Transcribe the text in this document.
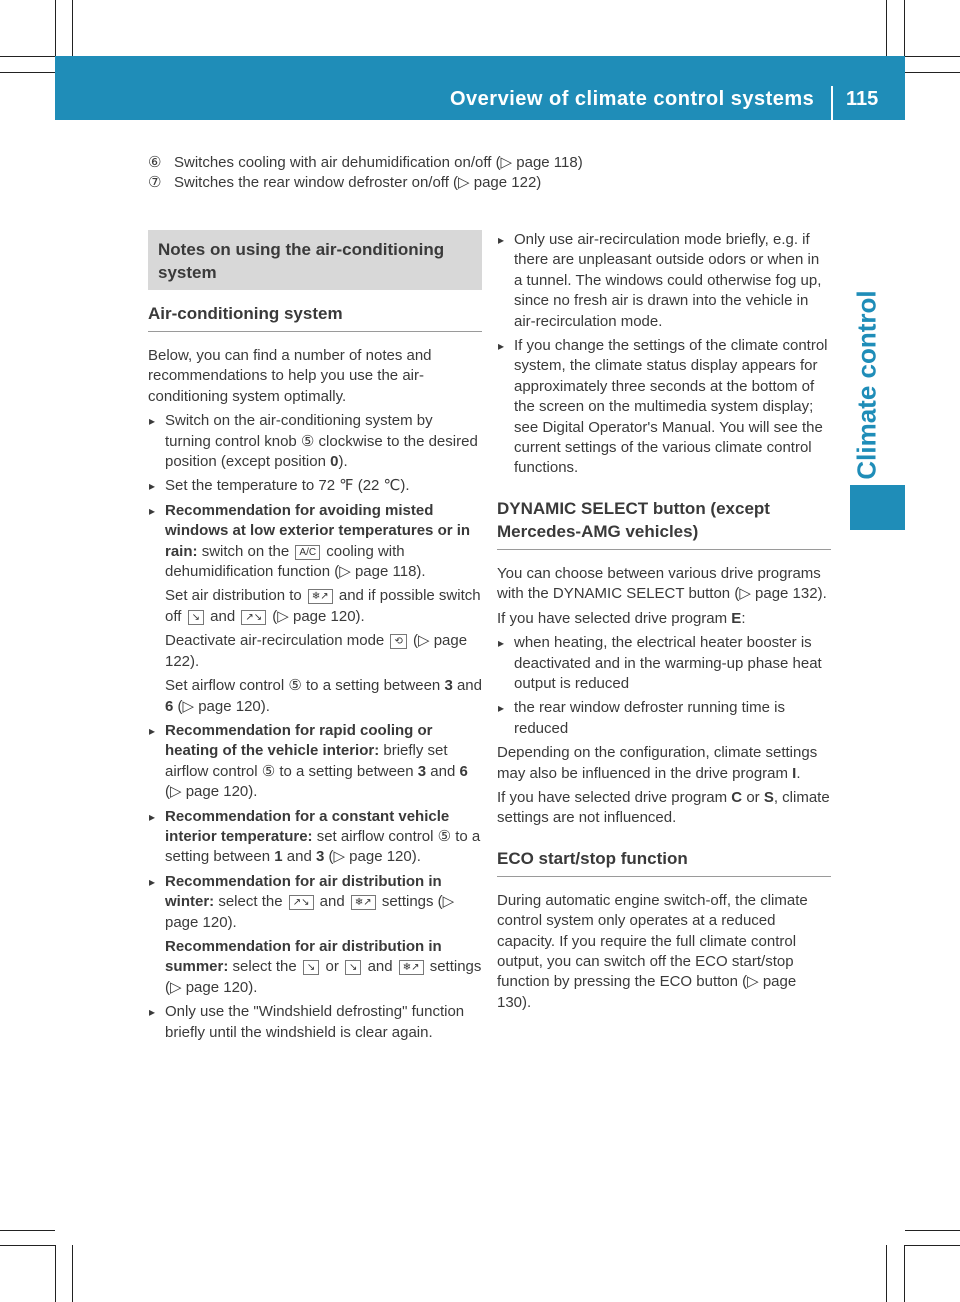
Overview of climate control systems 115
Climate control
⑥ Switches cooling with air dehumidification on/off (▷ page 118)
⑦ Switches the rear window defroster on/off (▷ page 122)
Notes on using the air-conditioning system
Air-conditioning system

Below, you can find a number of notes and recommendations to help you use the air-conditioning system optimally.

▸ Switch on the air-conditioning system by turning control knob ⑤ clockwise to the desired position (except position 0).
▸ Set the temperature to 72 ℉ (22 ℃).
▸ Recommendation for avoiding misted windows at low exterior temperatures or in rain: switch on the A/C cooling with dehumidification function (▷ page 118).
Set air distribution to ❄↗ and if possible switch off ↘ and ↗↘ (▷ page 120).
Deactivate air-recirculation mode ⟲ (▷ page 122).
Set airflow control ⑤ to a setting between 3 and 6 (▷ page 120).
▸ Recommendation for rapid cooling or heating of the vehicle interior: briefly set airflow control ⑤ to a setting between 3 and 6 (▷ page 120).
▸ Recommendation for a constant vehicle interior temperature: set airflow control ⑤ to a setting between 1 and 3 (▷ page 120).
▸ Recommendation for air distribution in winter: select the ↗↘ and ❄↗ settings (▷ page 120).
Recommendation for air distribution in summer: select the ↘ or ↘ and ❄↗ settings (▷ page 120).
▸ Only use the "Windshield defrosting" function briefly until the windshield is clear again.
▸ Only use air-recirculation mode briefly, e.g. if there are unpleasant outside odors or when in a tunnel. The windows could otherwise fog up, since no fresh air is drawn into the vehicle in air-recirculation mode.
▸ If you change the settings of the climate control system, the climate status display appears for approximately three seconds at the bottom of the screen on the multimedia system display; see Digital Operator's Manual. You will see the current settings of the various climate control functions.
DYNAMIC SELECT button (except Mercedes-AMG vehicles)

You can choose between various drive programs with the DYNAMIC SELECT button (▷ page 132).

If you have selected drive program E:

▸ when heating, the electrical heater booster is deactivated and in the warming-up phase heat output is reduced
▸ the rear window defroster running time is reduced

Depending on the configuration, climate settings may also be influenced in the drive program I.

If you have selected drive program C or S, climate settings are not influenced.

ECO start/stop function

During automatic engine switch-off, the climate control system only operates at a reduced capacity. If you require the full climate control output, you can switch off the ECO start/stop function by pressing the ECO button (▷ page 130).
